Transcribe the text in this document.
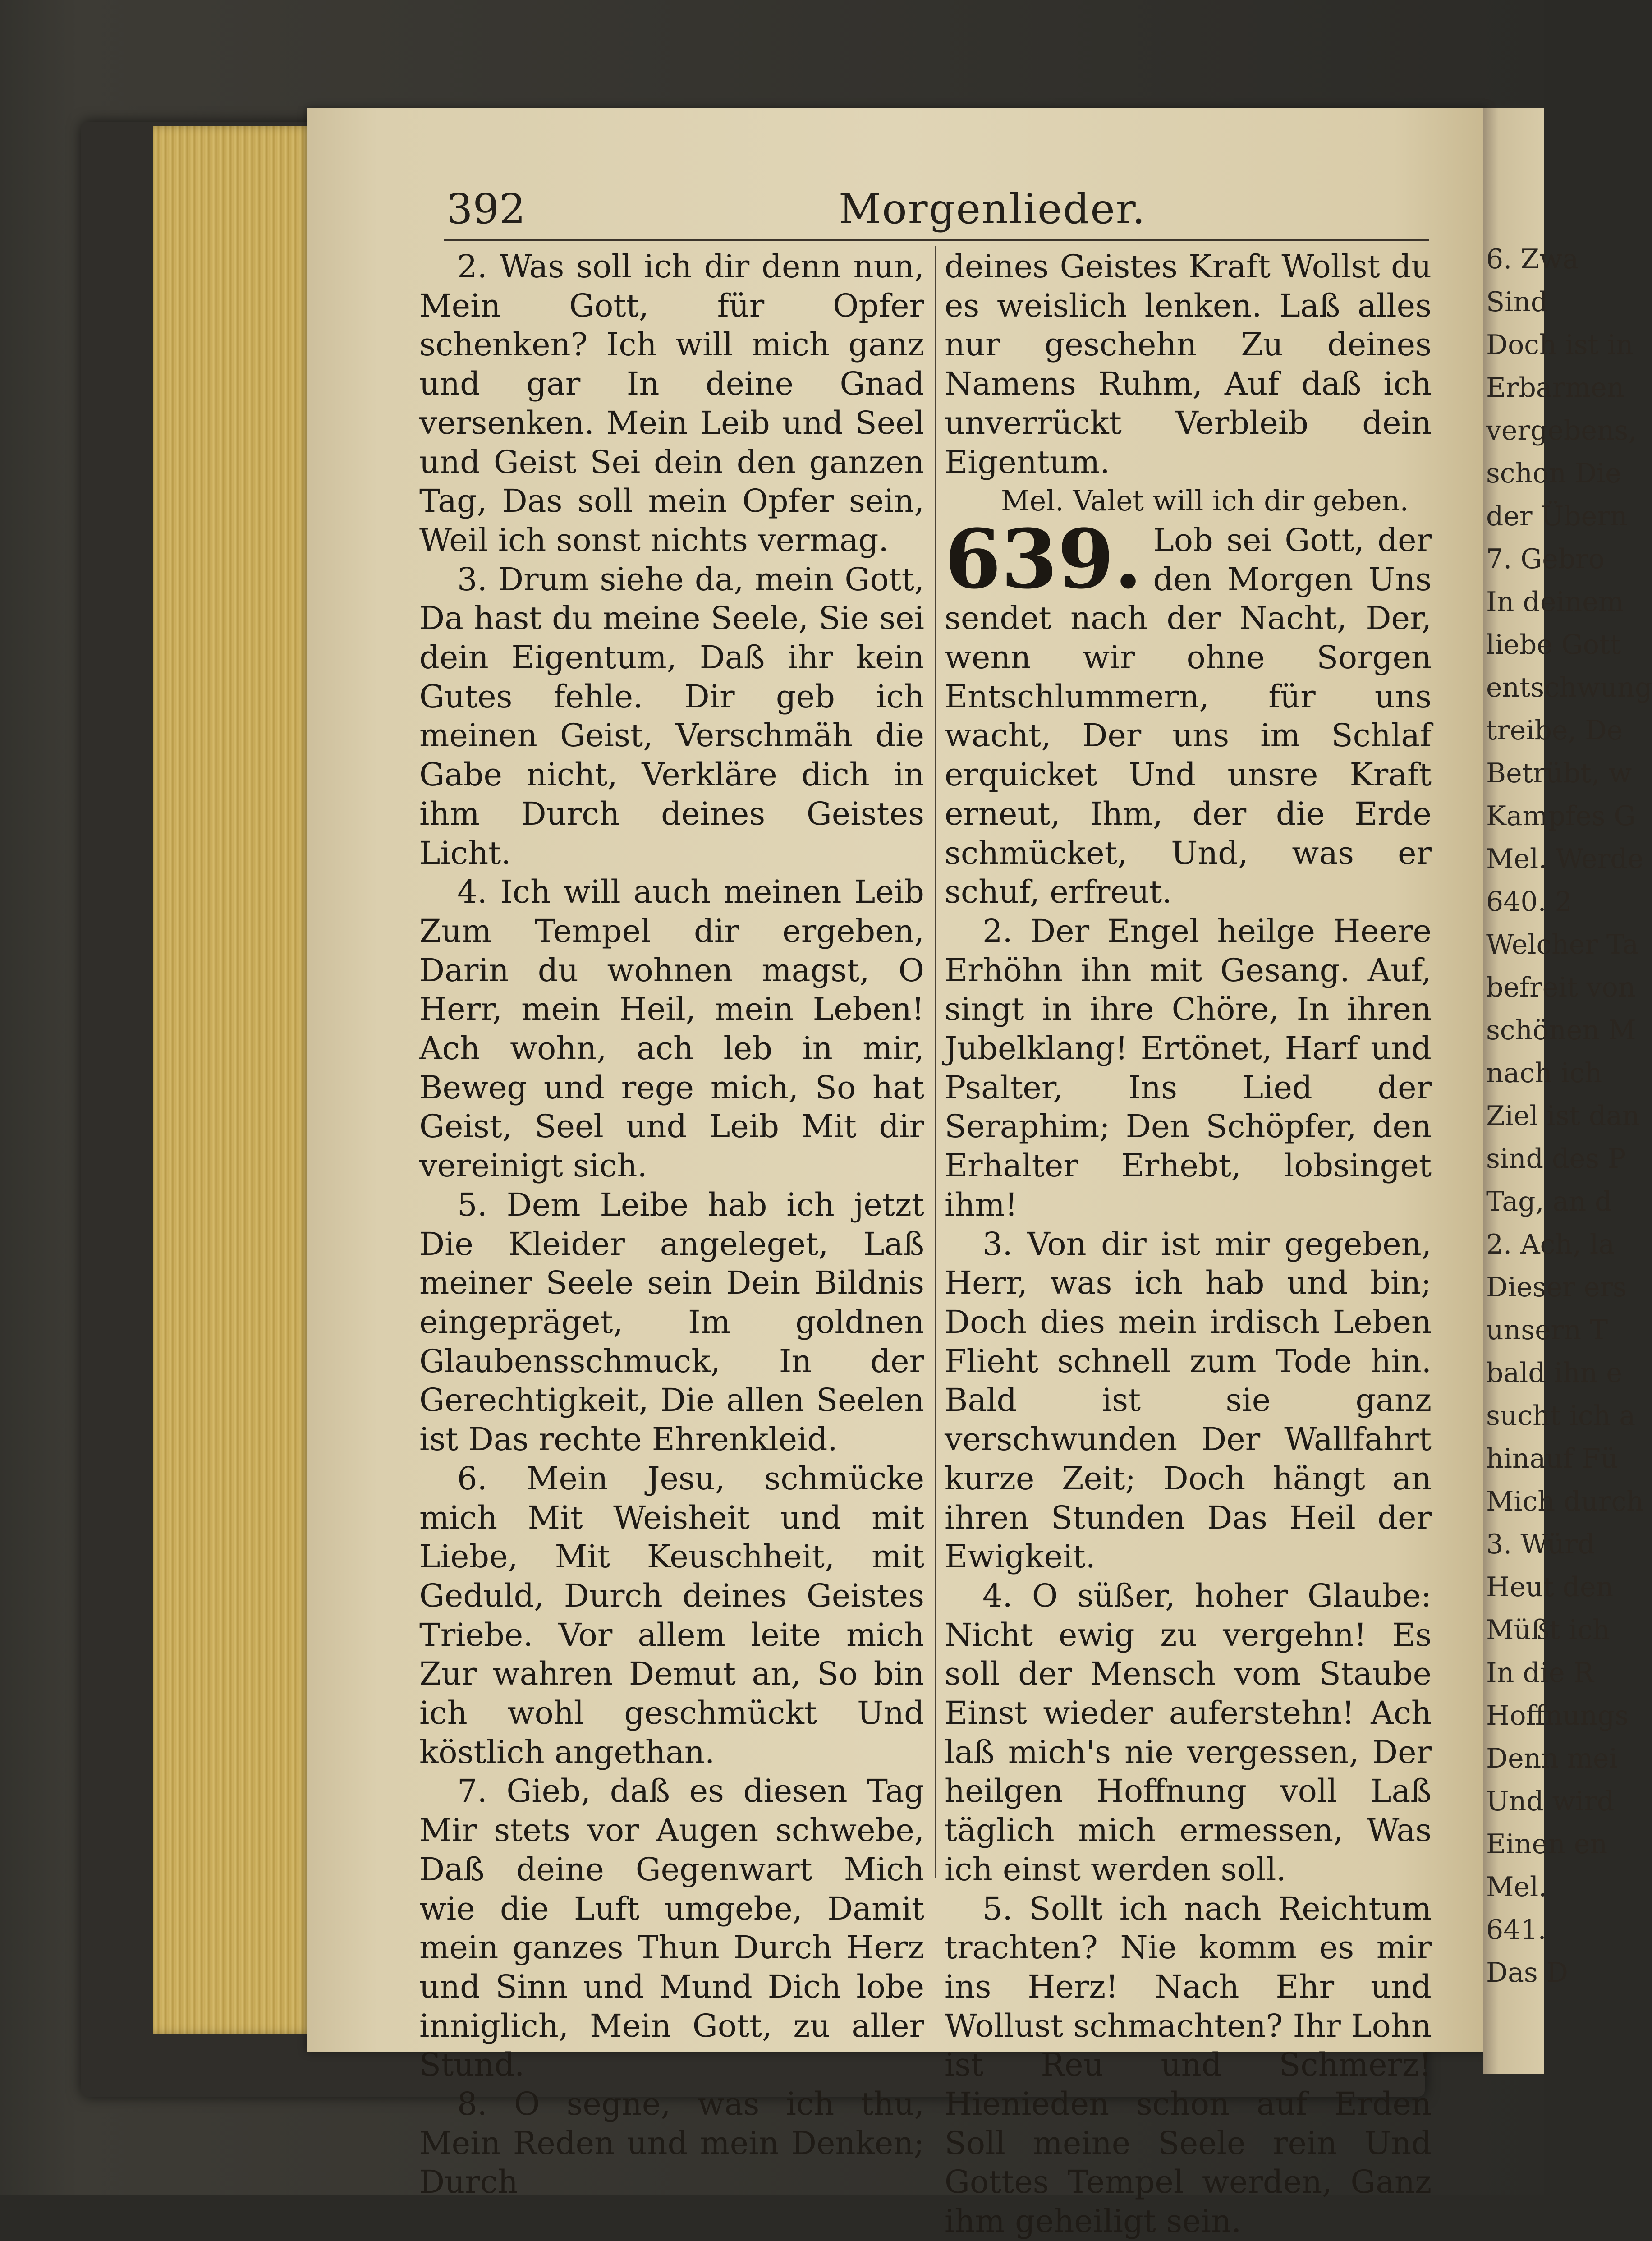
6. Zwa
Sind
Doch ist in
Erbarmen
vergebens,
schon Die
der Übern
7. Gebro
In deinem
liebe Gott
entschwung
treibe, De
Betrübt, w
Kampfes G
Mel. Werde
640. 2
Welcher Ta
befreit von
schönen M
nach ich
Ziel ist dan
sind des P
Tag, an d
2. Ach, la
Dieser ers
unsern T
bald ihn e
sucht ich a
hinauf Fü
Mich durch
3. Würd
Heut den
Müßt ich
In die R
Hoffnungs
Denn mei
Und wird
Einen en
Mel.
641.
Das D
392	Morgenlieder.

2. Was soll ich dir denn nun, Mein Gott, für Opfer schenken? Ich will mich ganz und gar In deine Gnad versenken. Mein Leib und Seel und Geist Sei dein den ganzen Tag, Das soll mein Opfer sein, Weil ich sonst nichts vermag.

3. Drum siehe da, mein Gott, Da hast du meine Seele, Sie sei dein Eigentum, Daß ihr kein Gutes fehle. Dir geb ich meinen Geist, Verschmäh die Gabe nicht, Verkläre dich in ihm Durch deines Geistes Licht.

4. Ich will auch meinen Leib Zum Tempel dir ergeben, Darin du wohnen magst, O Herr, mein Heil, mein Leben! Ach wohn, ach leb in mir, Beweg und rege mich, So hat Geist, Seel und Leib Mit dir vereinigt sich.

5. Dem Leibe hab ich jetzt Die Kleider angeleget, Laß meiner Seele sein Dein Bildnis eingepräget, Im goldnen Glaubensschmuck, In der Gerechtigkeit, Die allen Seelen ist Das rechte Ehrenkleid.

6. Mein Jesu, schmücke mich Mit Weisheit und mit Liebe, Mit Keuschheit, mit Geduld, Durch deines Geistes Triebe. Vor allem leite mich Zur wahren Demut an, So bin ich wohl geschmückt Und köstlich angethan.

7. Gieb, daß es diesen Tag Mir stets vor Augen schwebe, Daß deine Gegenwart Mich wie die Luft umgebe, Damit mein ganzes Thun Durch Herz und Sinn und Mund Dich lobe inniglich, Mein Gott, zu aller Stund.

8. O segne, was ich thu, Mein Reden und mein Denken; Durch

deines Geistes Kraft Wollst du es weislich lenken. Laß alles nur geschehn Zu deines Namens Ruhm, Auf daß ich unverrückt Verbleib dein Eigentum.

Mel. Valet will ich dir geben.

639. Lob sei Gott, der den Morgen Uns sendet nach der Nacht, Der, wenn wir ohne Sorgen Entschlummern, für uns wacht, Der uns im Schlaf erquicket Und unsre Kraft erneut, Ihm, der die Erde schmücket, Und, was er schuf, erfreut.

2. Der Engel heilge Heere Erhöhn ihn mit Gesang. Auf, singt in ihre Chöre, In ihren Jubelklang! Ertönet, Harf und Psalter, Ins Lied der Seraphim; Den Schöpfer, den Erhalter Erhebt, lobsinget ihm!

3. Von dir ist mir gegeben, Herr, was ich hab und bin; Doch dies mein irdisch Leben Flieht schnell zum Tode hin. Bald ist sie ganz verschwunden Der Wallfahrt kurze Zeit; Doch hängt an ihren Stunden Das Heil der Ewigkeit.

4. O süßer, hoher Glaube: Nicht ewig zu vergehn! Es soll der Mensch vom Staube Einst wieder auferstehn! Ach laß mich's nie vergessen, Der heilgen Hoffnung voll Laß täglich mich ermessen, Was ich einst werden soll.

5. Sollt ich nach Reichtum trachten? Nie komm es mir ins Herz! Nach Ehr und Wollust schmachten? Ihr Lohn ist Reu und Schmerz! Hienieden schon auf Erden Soll meine Seele rein Und Gottes Tempel werden, Ganz ihm geheiligt sein.
